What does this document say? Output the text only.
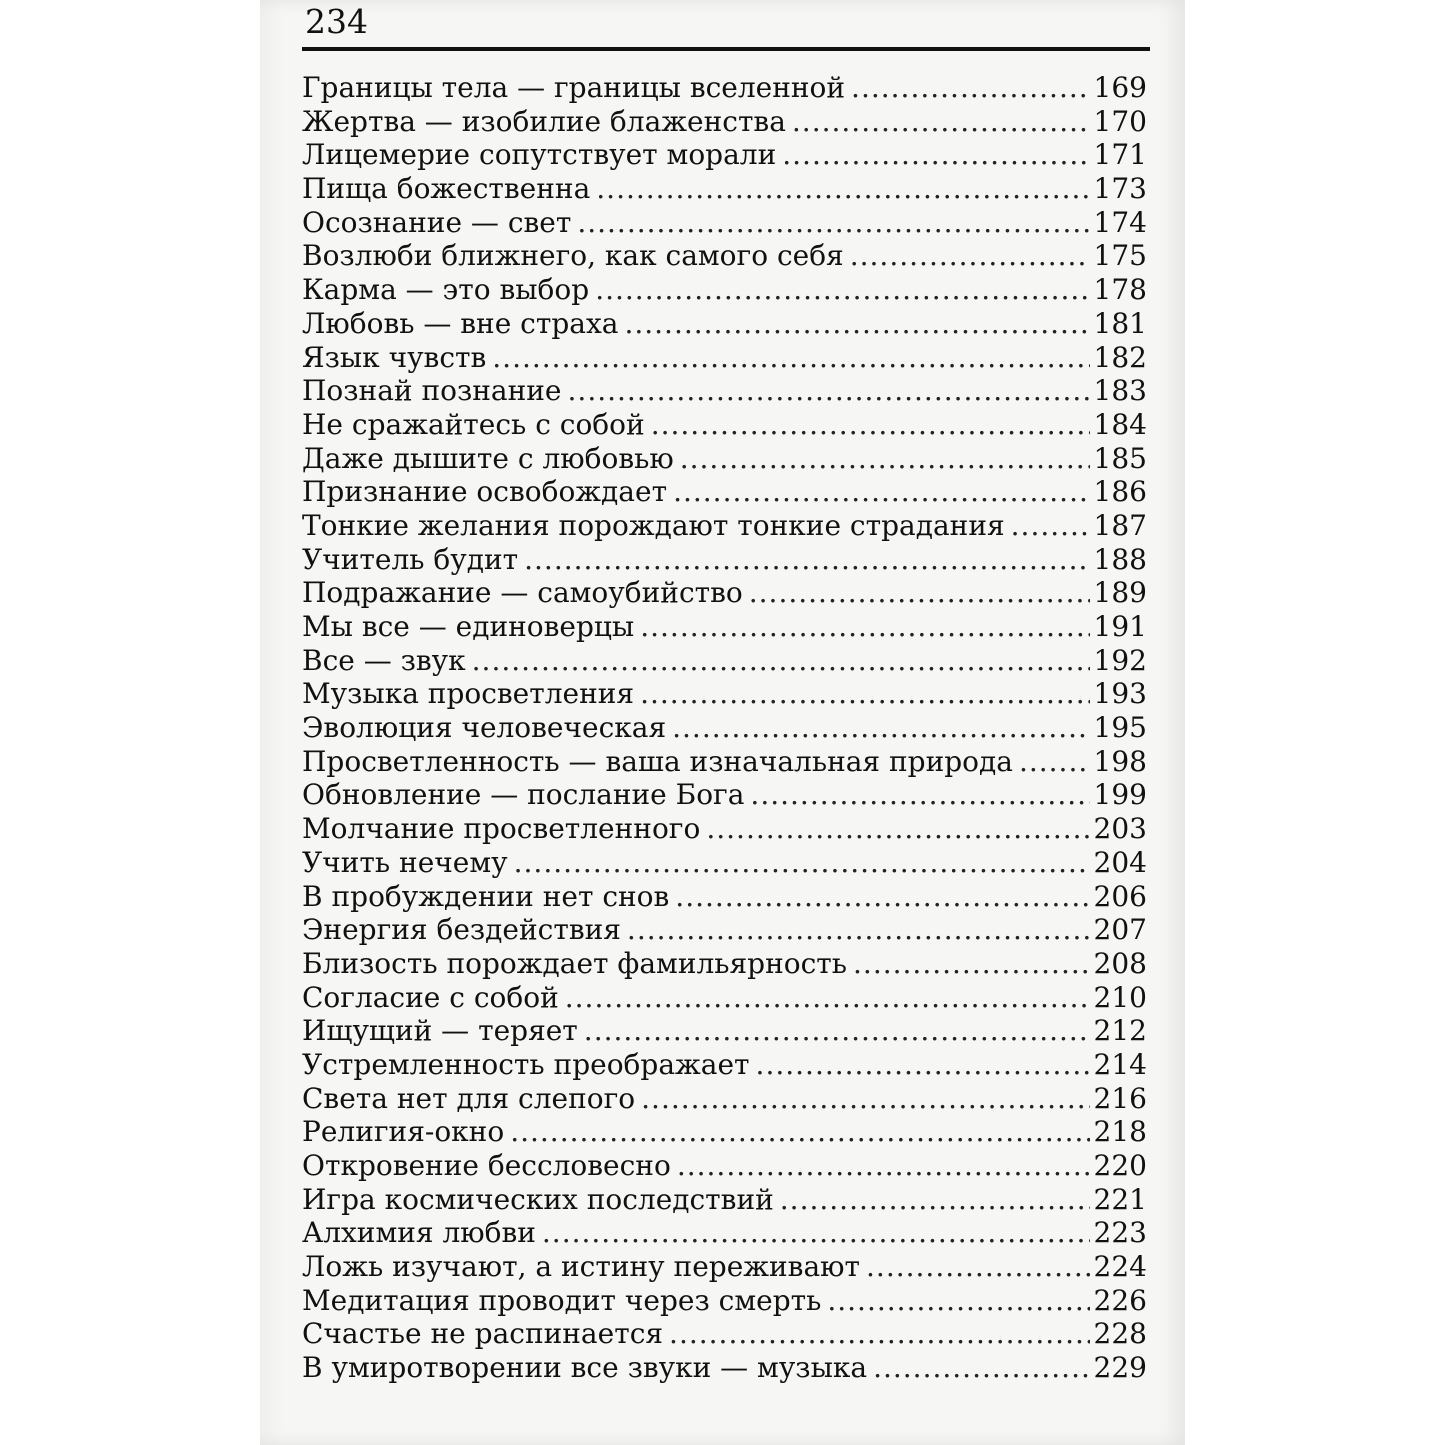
234
Границы тела — границы вселенной .....	169
Жертва — изобилие блаженства .....	170
Лицемерие сопутствует морали .....	171
Пища божественна .....	173
Осознание — свет .....	174
Возлюби ближнего, как самого себя .....	175
Карма — это выбор .....	178
Любовь — вне страха .....	181
Язык чувств .....	182
Познай познание .....	183
Не сражайтесь с собой .....	184
Даже дышите с любовью .....	185
Признание освобождает .....	186
Тонкие желания порождают тонкие страдания .....	187
Учитель будит .....	188
Подражание — самоубийство .....	189
Мы все — единоверцы .....	191
Все — звук .....	192
Музыка просветления .....	193
Эволюция человеческая .....	195
Просветленность — ваша изначальная природа .....	198
Обновление — послание Бога .....	199
Молчание просветленного .....	203
Учить нечему .....	204
В пробуждении нет снов .....	206
Энергия бездействия .....	207
Близость порождает фамильярность .....	208
Согласие с собой .....	210
Ищущий — теряет .....	212
Устремленность преображает .....	214
Света нет для слепого .....	216
Религия-окно .....	218
Откровение бессловесно .....	220
Игра космических последствий .....	221
Алхимия любви .....	223
Ложь изучают, а истину переживают .....	224
Медитация проводит через смерть .....	226
Счастье не распинается .....	228
В умиротворении все звуки — музыка .....	229
